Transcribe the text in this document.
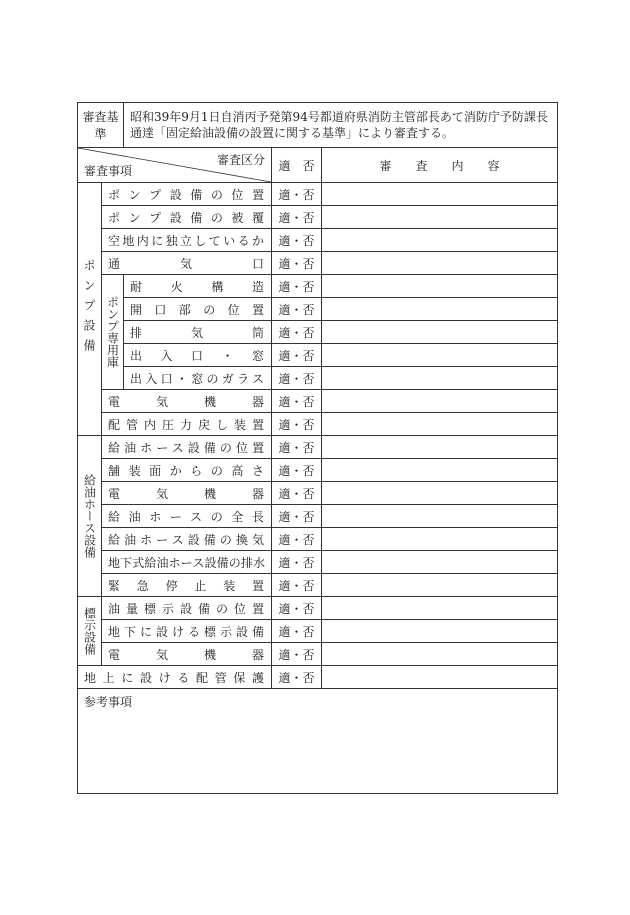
審査基準		昭和39年9月1日自消丙予発第94号都道府県消防主管部長あて消防庁予防課長通達「固定給油設備の設置に関する基準」により審査する。		

審査区分
審査事項			適　否	審　　査　　内　　容
ポンプ設備	ポンプ設備の位置		適・否	
	ポンプ設備の被覆		適・否	
	空地内に独立しているか		適・否	
	通気口		適・否	
	ポンプ専用庫	耐火構造	適・否	
		開口部の位置	適・否	
		排気筒	適・否	
		出入口・窓	適・否	
		出入口・窓のガラス	適・否	
	電気機器		適・否	
	配管内圧力戻し装置		適・否	
給油ホース設備	給油ホース設備の位置		適・否	
	舗装面からの高さ		適・否	
	電気機器		適・否	
	給油ホースの全長		適・否	
	給油ホース設備の換気		適・否	
	地下式給油ホース設備の排水		適・否	
	緊急停止装置		適・否	
標示設備	油量標示設備の位置		適・否	
	地下に設ける標示設備		適・否	
	電気機器		適・否	
地上に設ける配管保護			適・否	
参考事項				
